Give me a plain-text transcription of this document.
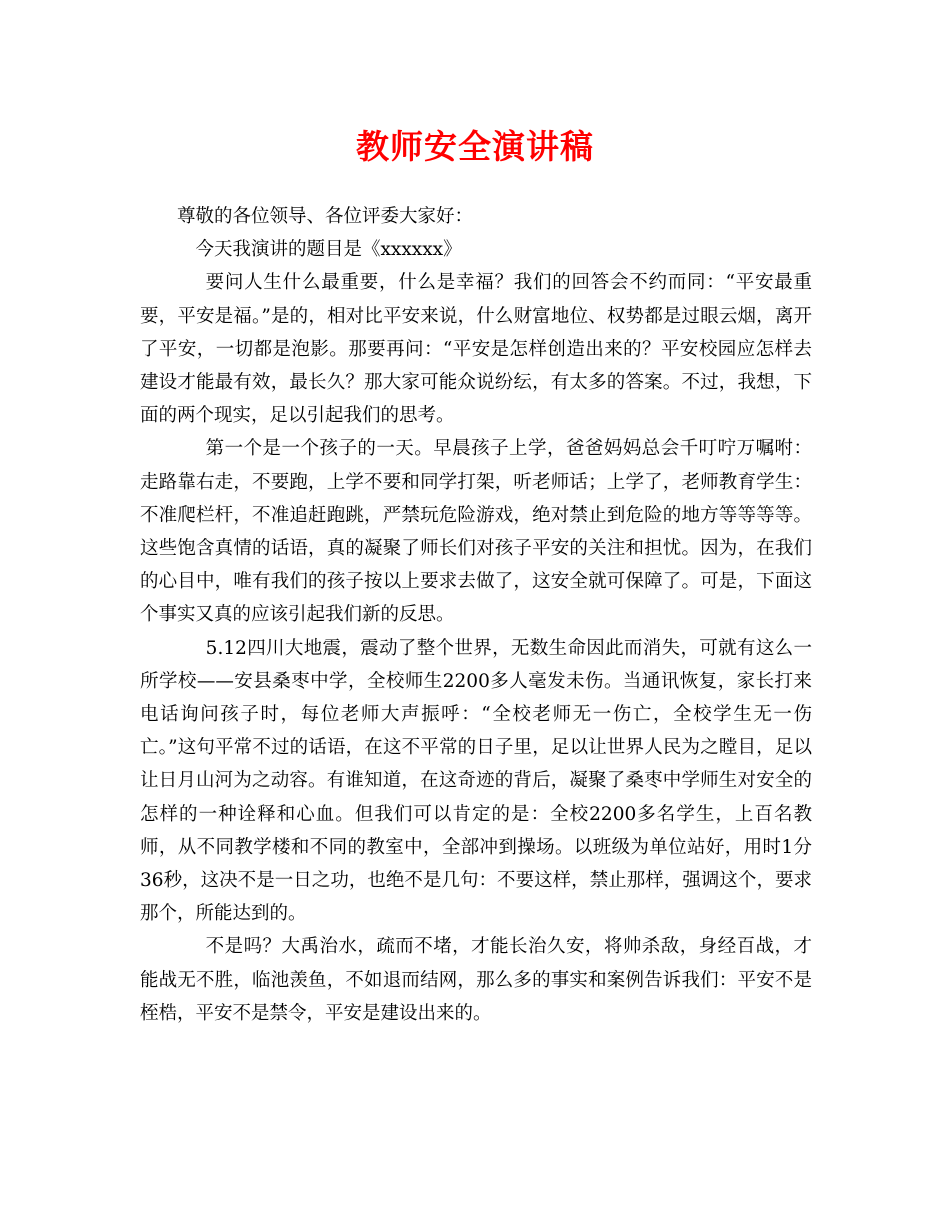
教师安全演讲稿

尊敬的各位领导、各位评委大家好：

今天我演讲的题目是《xxxxxx》

要问人生什么最重要，什么是幸福？我们的回答会不约而同：“平安最重要，平安是福。”是的，相对比平安来说，什么财富地位、权势都是过眼云烟，离开了平安，一切都是泡影。那要再问：“平安是怎样创造出来的？平安校园应怎样去建设才能最有效，最长久？那大家可能众说纷纭，有太多的答案。不过，我想，下面的两个现实，足以引起我们的思考。

第一个是一个孩子的一天。早晨孩子上学，爸爸妈妈总会千叮咛万嘱咐：走路靠右走，不要跑，上学不要和同学打架，听老师话；上学了，老师教育学生：不准爬栏杆，不准追赶跑跳，严禁玩危险游戏，绝对禁止到危险的地方等等等等。这些饱含真情的话语，真的凝聚了师长们对孩子平安的关注和担忧。因为，在我们的心目中，唯有我们的孩子按以上要求去做了，这安全就可保障了。可是，下面这个事实又真的应该引起我们新的反思。

5.12四川大地震，震动了整个世界，无数生命因此而消失，可就有这么一所学校——安县桑枣中学，全校师生2200多人毫发未伤。当通讯恢复，家长打来电话询问孩子时，每位老师大声振呼：“全校老师无一伤亡，全校学生无一伤亡。”这句平常不过的话语，在这不平常的日子里，足以让世界人民为之瞠目，足以让日月山河为之动容。有谁知道，在这奇迹的背后，凝聚了桑枣中学师生对安全的怎样的一种诠释和心血。但我们可以肯定的是：全校2200多名学生，上百名教师，从不同教学楼和不同的教室中，全部冲到操场。以班级为单位站好，用时1分36秒，这决不是一日之功，也绝不是几句：不要这样，禁止那样，强调这个，要求那个，所能达到的。

不是吗？大禹治水，疏而不堵，才能长治久安，将帅杀敌，身经百战，才能战无不胜，临池羡鱼，不如退而结网，那么多的事实和案例告诉我们：平安不是桎梏，平安不是禁令，平安是建设出来的。
